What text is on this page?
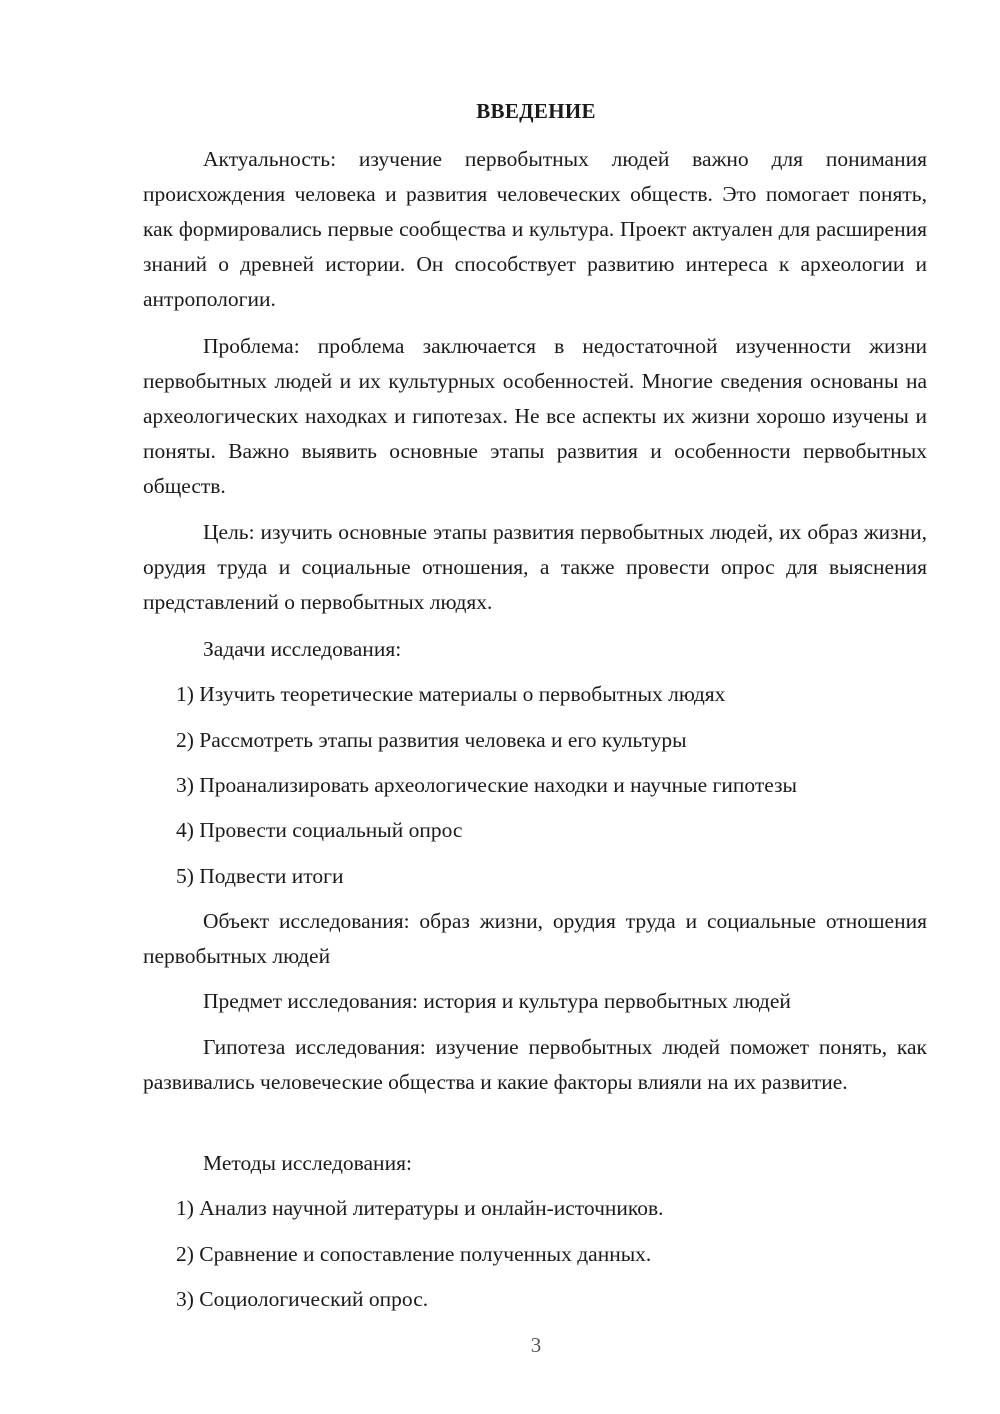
ВВЕДЕНИЕ

Актуальность: изучение первобытных людей важно для понимания происхождения человека и развития человеческих обществ. Это помогает понять, как формировались первые сообщества и культура. Проект актуален для расширения знаний о древней истории. Он способствует развитию интереса к археологии и антропологии.

Проблема: проблема заключается в недостаточной изученности жизни первобытных людей и их культурных особенностей. Многие сведения основаны на археологических находках и гипотезах. Не все аспекты их жизни хорошо изучены и поняты. Важно выявить основные этапы развития и особенности первобытных обществ.

Цель: изучить основные этапы развития первобытных людей, их образ жизни, орудия труда и социальные отношения, а также провести опрос для выяснения представлений о первобытных людях.

Задачи исследования:

1) Изучить теоретические материалы о первобытных людях

2) Рассмотреть этапы развития человека и его культуры

3) Проанализировать археологические находки и научные гипотезы

4) Провести социальный опрос

5) Подвести итоги

Объект исследования: образ жизни, орудия труда и социальные отношения первобытных людей

Предмет исследования: история и культура первобытных людей

Гипотеза исследования: изучение первобытных людей поможет понять, как развивались человеческие общества и какие факторы влияли на их развитие.

Методы исследования:

1) Анализ научной литературы и онлайн-источников.

2) Сравнение и сопоставление полученных данных.

3) Социологический опрос.

3
